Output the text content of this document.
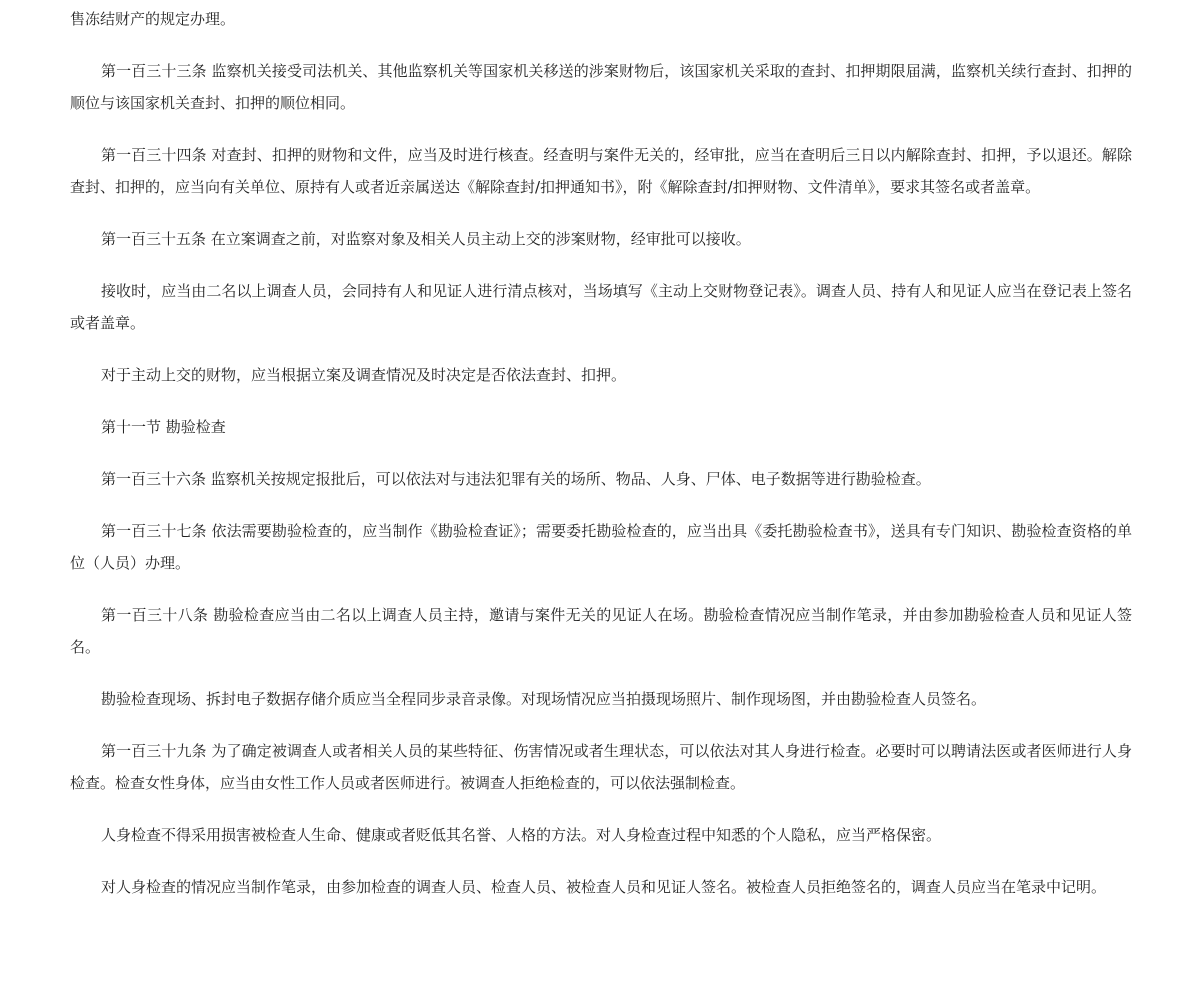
售冻结财产的规定办理。

第一百三十三条 监察机关接受司法机关、其他监察机关等国家机关移送的涉案财物后，该国家机关采取的查封、扣押期限届满，监察机关续行查封、扣押的顺位与该国家机关查封、扣押的顺位相同。

第一百三十四条 对查封、扣押的财物和文件，应当及时进行核查。经查明与案件无关的，经审批，应当在查明后三日以内解除查封、扣押，予以退还。解除查封、扣押的，应当向有关单位、原持有人或者近亲属送达《解除查封/扣押通知书》，附《解除查封/扣押财物、文件清单》，要求其签名或者盖章。

第一百三十五条 在立案调查之前，对监察对象及相关人员主动上交的涉案财物，经审批可以接收。

接收时，应当由二名以上调查人员，会同持有人和见证人进行清点核对，当场填写《主动上交财物登记表》。调查人员、持有人和见证人应当在登记表上签名或者盖章。

对于主动上交的财物，应当根据立案及调查情况及时决定是否依法查封、扣押。

第十一节 勘验检查

第一百三十六条 监察机关按规定报批后，可以依法对与违法犯罪有关的场所、物品、人身、尸体、电子数据等进行勘验检查。

第一百三十七条 依法需要勘验检查的，应当制作《勘验检查证》；需要委托勘验检查的，应当出具《委托勘验检查书》，送具有专门知识、勘验检查资格的单位（人员）办理。

第一百三十八条 勘验检查应当由二名以上调查人员主持，邀请与案件无关的见证人在场。勘验检查情况应当制作笔录，并由参加勘验检查人员和见证人签名。

勘验检查现场、拆封电子数据存储介质应当全程同步录音录像。对现场情况应当拍摄现场照片、制作现场图，并由勘验检查人员签名。

第一百三十九条 为了确定被调查人或者相关人员的某些特征、伤害情况或者生理状态，可以依法对其人身进行检查。必要时可以聘请法医或者医师进行人身检查。检查女性身体，应当由女性工作人员或者医师进行。被调查人拒绝检查的，可以依法强制检查。

人身检查不得采用损害被检查人生命、健康或者贬低其名誉、人格的方法。对人身检查过程中知悉的个人隐私，应当严格保密。

对人身检查的情况应当制作笔录，由参加检查的调查人员、检查人员、被检查人员和见证人签名。被检查人员拒绝签名的，调查人员应当在笔录中记明。
